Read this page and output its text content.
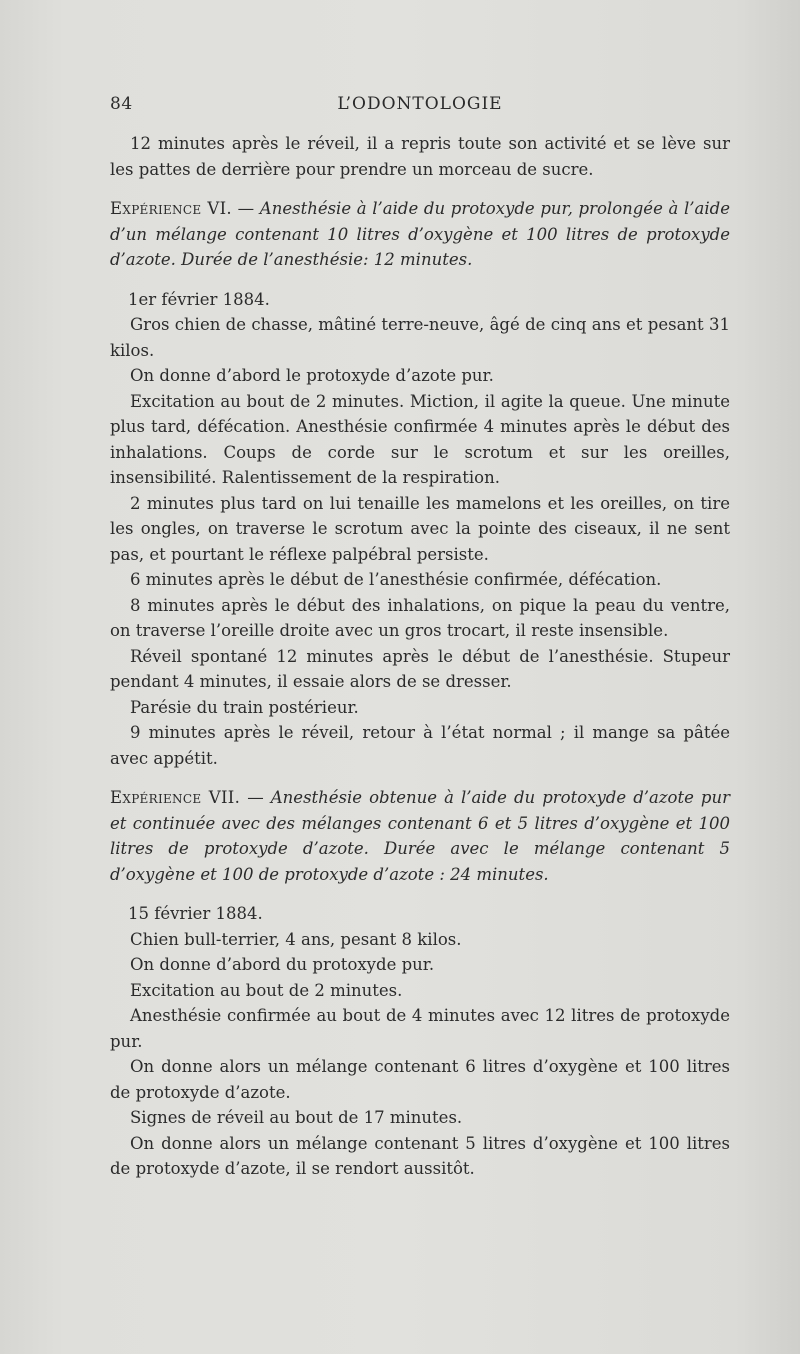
84	L’ODONTOLOGIE

12 minutes après le réveil, il a repris toute son activité et se lève sur les pattes de derrière pour prendre un morceau de sucre.

Expérience VI. — Anesthésie à l’aide du protoxyde pur, prolongée à l’aide d’un mélange contenant 10 litres d’oxygène et 100 litres de protoxyde d’azote. Durée de l’anesthésie: 12 minutes.

1er février 1884.

Gros chien de chasse, mâtiné terre-neuve, âgé de cinq ans et pesant 31 kilos.

On donne d’abord le protoxyde d’azote pur.

Excitation au bout de 2 minutes. Miction, il agite la queue. Une minute plus tard, défécation. Anesthésie confirmée 4 minutes après le début des inhalations. Coups de corde sur le scrotum et sur les oreilles, insensibilité. Ralentissement de la respiration.

2 minutes plus tard on lui tenaille les mamelons et les oreilles, on tire les ongles, on traverse le scrotum avec la pointe des ciseaux, il ne sent pas, et pourtant le réflexe palpébral persiste.

6 minutes après le début de l’anesthésie confirmée, défécation.

8 minutes après le début des inhalations, on pique la peau du ventre, on traverse l’oreille droite avec un gros trocart, il reste insensible.

Réveil spontané 12 minutes après le début de l’anesthésie. Stupeur pendant 4 minutes, il essaie alors de se dresser.

Parésie du train postérieur.

9 minutes après le réveil, retour à l’état normal ; il mange sa pâtée avec appétit.

Expérience VII. — Anesthésie obtenue à l’aide du protoxyde d’azote pur et continuée avec des mélanges contenant 6 et 5 litres d’oxygène et 100 litres de protoxyde d’azote. Durée avec le mélange contenant 5 d’oxygène et 100 de protoxyde d’azote : 24 minutes.

15 février 1884.

Chien bull-terrier, 4 ans, pesant 8 kilos.

On donne d’abord du protoxyde pur.

Excitation au bout de 2 minutes.

Anesthésie confirmée au bout de 4 minutes avec 12 litres de protoxyde pur.

On donne alors un mélange contenant 6 litres d’oxygène et 100 litres de protoxyde d’azote.

Signes de réveil au bout de 17 minutes.

On donne alors un mélange contenant 5 litres d’oxygène et 100 litres de protoxyde d’azote, il se rendort aussitôt.
